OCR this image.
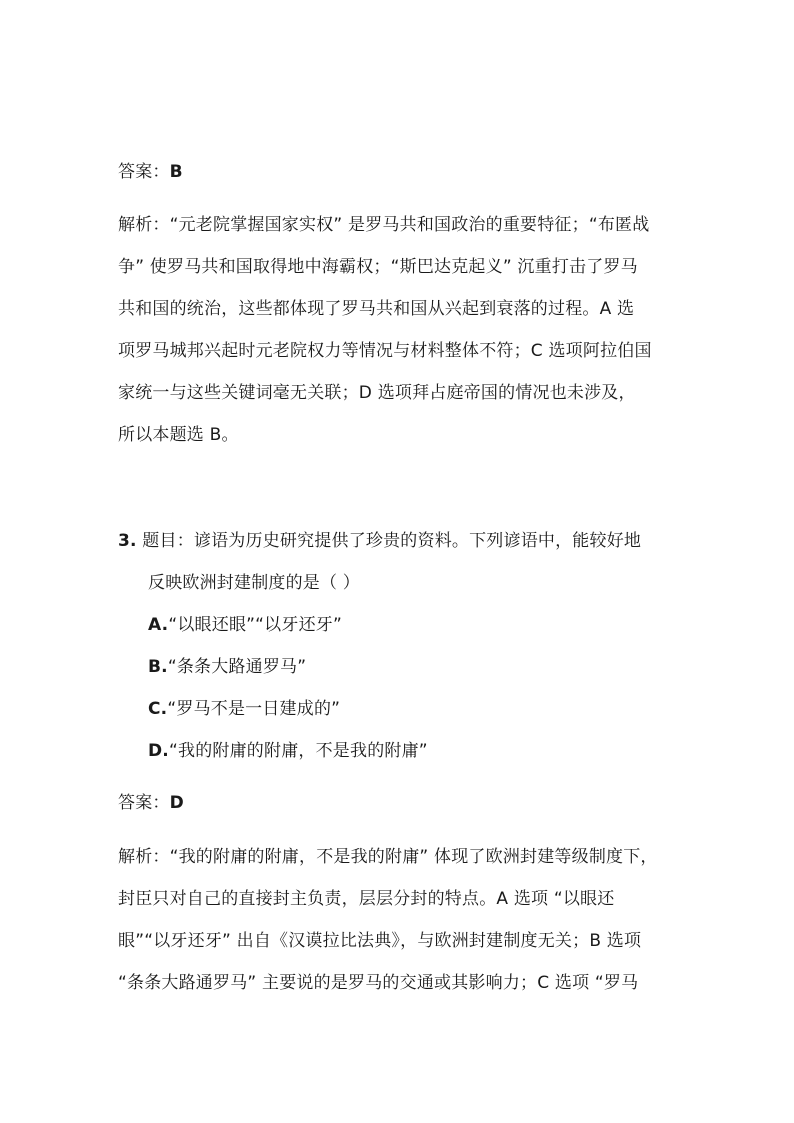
答案：B
解析：“元老院掌握国家实权” 是罗马共和国政治的重要特征；“布匿战
争” 使罗马共和国取得地中海霸权；“斯巴达克起义” 沉重打击了罗马
共和国的统治，这些都体现了罗马共和国从兴起到衰落的过程。A 选
项罗马城邦兴起时元老院权力等情况与材料整体不符；C 选项阿拉伯国
家统一与这些关键词毫无关联；D 选项拜占庭帝国的情况也未涉及，
所以本题选 B。
3. 题目：谚语为历史研究提供了珍贵的资料。下列谚语中，能较好地
反映欧洲封建制度的是（ ）
A.“以眼还眼”“以牙还牙”
B.“条条大路通罗马”
C.“罗马不是一日建成的”
D.“我的附庸的附庸，不是我的附庸”
答案：D
解析：“我的附庸的附庸，不是我的附庸” 体现了欧洲封建等级制度下，
封臣只对自己的直接封主负责，层层分封的特点。A 选项 “以眼还
眼”“以牙还牙” 出自《汉谟拉比法典》，与欧洲封建制度无关；B 选项
“条条大路通罗马” 主要说的是罗马的交通或其影响力；C 选项 “罗马
